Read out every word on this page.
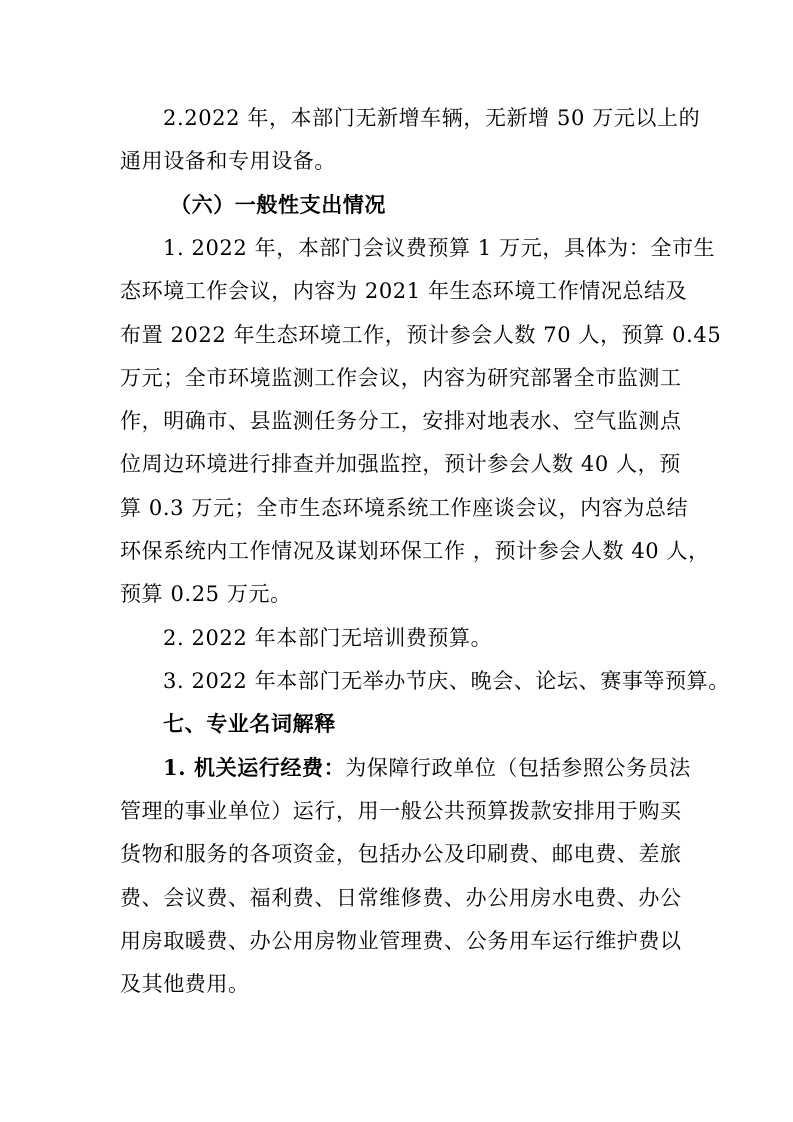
2.2022 年，本部门无新增车辆，无新增 50 万元以上的
通用设备和专用设备。
（六）一般性支出情况
1. 2022 年，本部门会议费预算 1 万元，具体为：全市生
态环境工作会议，内容为 2021 年生态环境工作情况总结及
布置 2022 年生态环境工作，预计参会人数 70 人，预算 0.45
万元；全市环境监测工作会议，内容为研究部署全市监测工
作，明确市、县监测任务分工，安排对地表水、空气监测点
位周边环境进行排查并加强监控，预计参会人数 40 人，预
算 0.3 万元；全市生态环境系统工作座谈会议，内容为总结
环保系统内工作情况及谋划环保工作 ，预计参会人数 40 人，
预算 0.25 万元。
2. 2022 年本部门无培训费预算。
3. 2022 年本部门无举办节庆、晚会、论坛、赛事等预算。
七、专业名词解释
1. 机关运行经费：为保障行政单位（包括参照公务员法
管理的事业单位）运行，用一般公共预算拨款安排用于购买
货物和服务的各项资金，包括办公及印刷费、邮电费、差旅
费、会议费、福利费、日常维修费、办公用房水电费、办公
用房取暖费、办公用房物业管理费、公务用车运行维护费以
及其他费用。
